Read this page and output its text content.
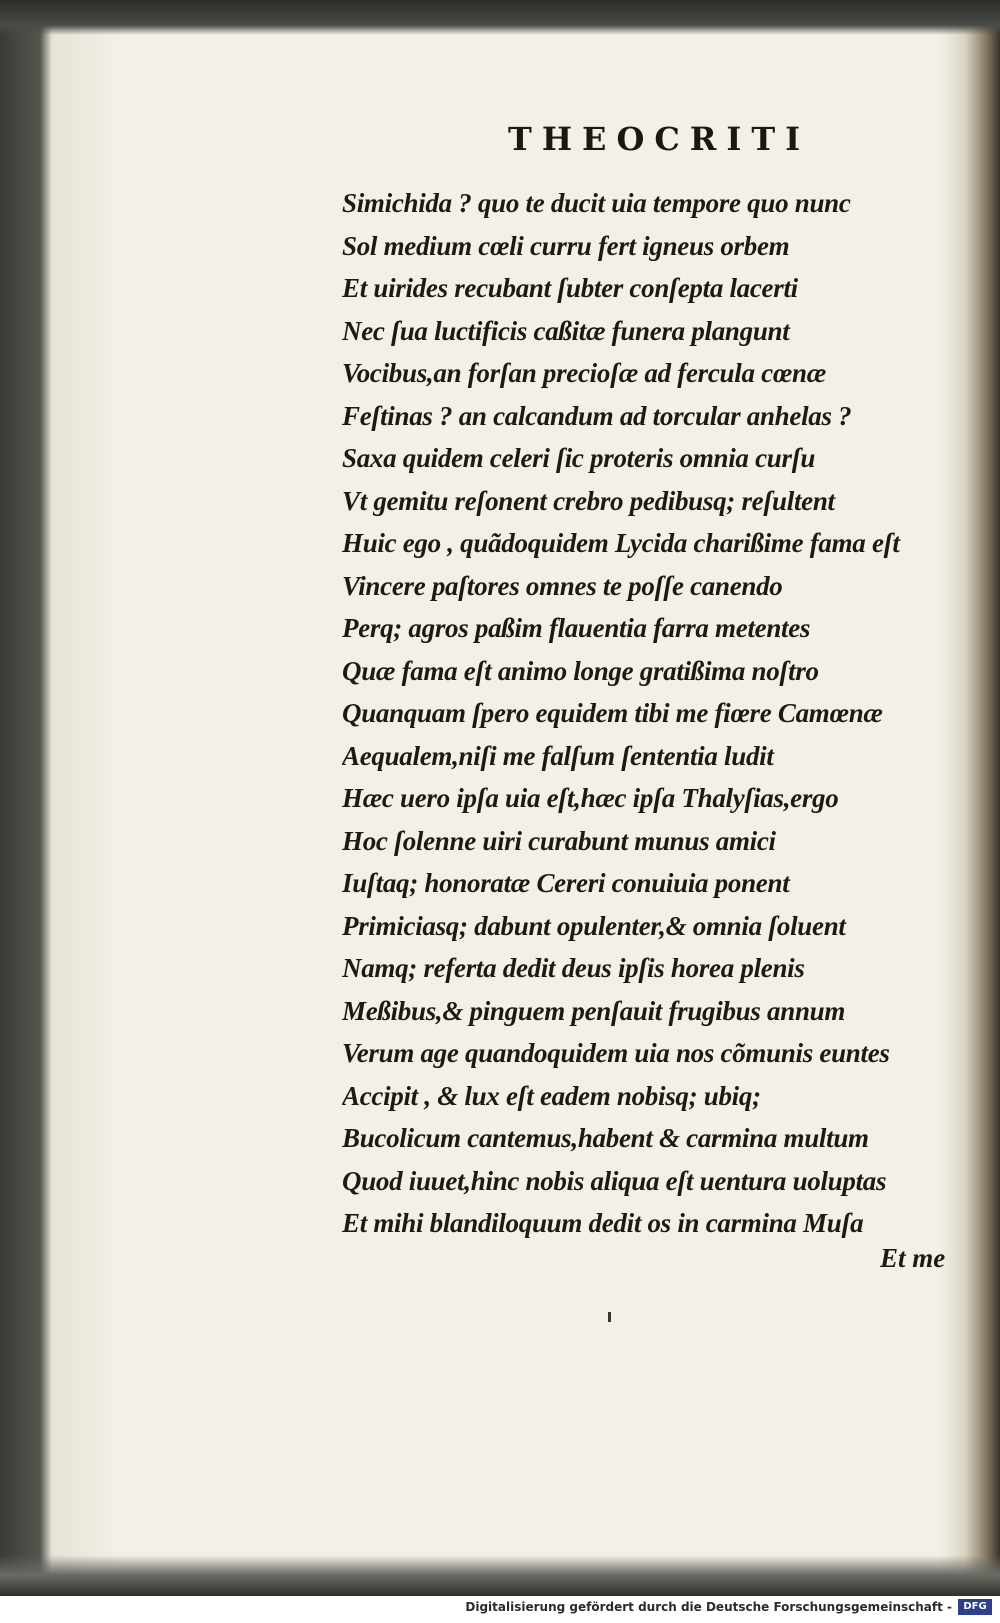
THEOCRITI
Simichida ? quo te ducit uia tempore quo nunc
Sol medium cœli curru fert igneus orbem
Et uirides recubant ſubter conſepta lacerti
Nec ſua luctificis caßitæ funera plangunt
Vocibus,an forſan precioſæ ad fercula cœnæ
Feſtinas ? an calcandum ad torcular anhelas ?
Saxa quidem celeri ſic proteris omnia curſu
Vt gemitu reſonent crebro pedibusq; reſultent
Huic ego , quãdoquidem Lycida charißime fama eſt
Vincere paſtores omnes te poſſe canendo
Perq; agros paßim flauentia farra metentes
Quæ fama eſt animo longe gratißima noſtro
Quanquam ſpero equidem tibi me fiœre Camœnæ
Aequalem,niſi me falſum ſententia ludit
Hæc uero ipſa uia eſt,hæc ipſa Thalyſias,ergo
Hoc ſolenne uiri curabunt munus amici
Iuſtaq; honoratæ Cereri conuiuia ponent
Primiciasq; dabunt opulenter,& omnia ſoluent
Namq; referta dedit deus ipſis horea plenis
Meßibus,& pinguem penſauit frugibus annum
Verum age quandoquidem uia nos cõmunis euntes
Accipit , & lux eſt eadem nobisq; ubiq;
Bucolicum cantemus,habent & carmina multum
Quod iuuet,hinc nobis aliqua eſt uentura uoluptas
Et mihi blandiloquum dedit os in carmina Muſa
Et me
Digitalisierung gefördert durch die Deutsche Forschungsgemeinschaft -	DFG
